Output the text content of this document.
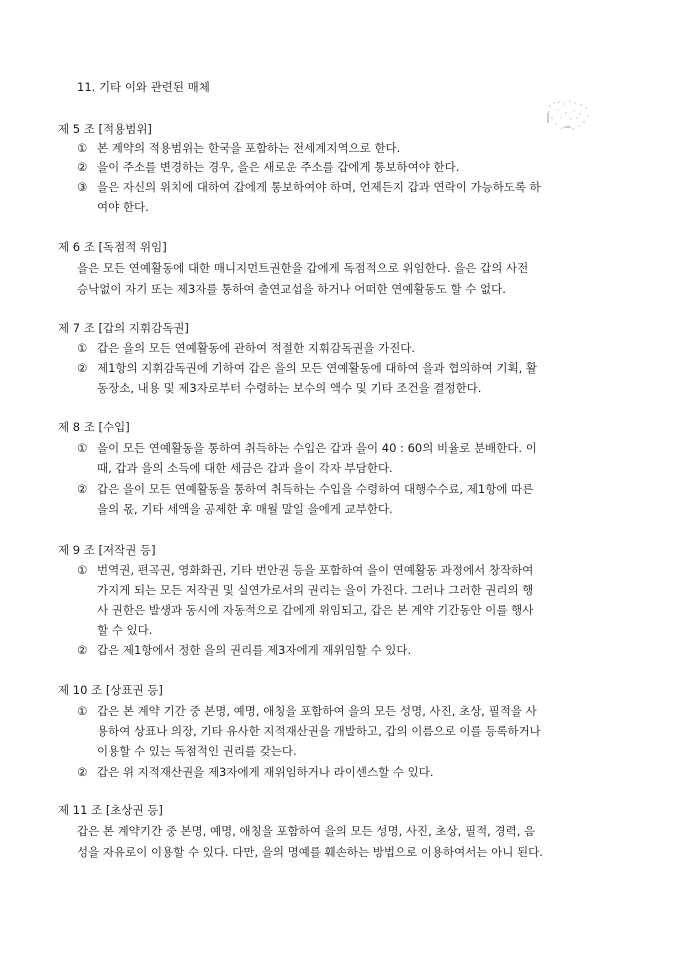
11. 기타 이와 관련된 매체
제 5 조 [적용범위]
① 본 계약의 적용범위는 한국을 포함하는 전세계지역으로 한다.
② 을이 주소를 변경하는 경우, 을은 새로운 주소를 갑에게 통보하여야 한다.
③ 을은 자신의 위치에 대하여 갑에게 통보하여야 하며, 언제든지 갑과 연락이 가능하도록 하
여야 한다.
제 6 조 [독점적 위임]
을은 모든 연예활동에 대한 매니지먼트권한을 갑에게 독점적으로 위임한다. 을은 갑의 사전
승낙없이 자기 또는 제3자를 통하여 출연교섭을 하거나 어떠한 연예활동도 할 수 없다.
제 7 조 [갑의 지휘감독권]
① 갑은 을의 모든 연예활동에 관하여 적절한 지휘감독권을 가진다.
② 제1항의 지휘감독권에 기하여 갑은 을의 모든 연예활동에 대하여 을과 협의하여 기획, 활
동장소, 내용 및 제3자로부터 수령하는 보수의 액수 및 기타 조건을 결정한다.
제 8 조 [수입]
① 을이 모든 연예활동을 통하여 취득하는 수입은 갑과 을이 40 : 60의 비율로 분배한다. 이
때, 갑과 을의 소득에 대한 세금은 갑과 을이 각자 부담한다.
② 갑은 을이 모든 연예활동을 통하여 취득하는 수입을 수령하여 대행수수료, 제1항에 따른
을의 몫, 기타 세액을 공제한 후 매월 말일 을에게 교부한다.
제 9 조 [저작권 등]
① 번역권, 편곡권, 영화화권, 기타 번안권 등을 포함하여 을이 연예활동 과정에서 창작하여
가지게 되는 모든 저작권 및 실연가로서의 권리는 을이 가진다. 그러나 그러한 권리의 행
사 권한은 발생과 동시에 자동적으로 갑에게 위임되고, 갑은 본 계약 기간동안 이를 행사
할 수 있다.
② 갑은 제1항에서 정한 을의 권리를 제3자에게 재위임할 수 있다.
제 10 조 [상표권 등]
① 갑은 본 계약 기간 중 본명, 예명, 애칭을 포함하여 을의 모든 성명, 사진, 초상, 필적을 사
용하여 상표나 의장, 기타 유사한 지적재산권을 개발하고, 갑의 이름으로 이를 등록하거나
이용할 수 있는 독점적인 권리를 갖는다.
② 갑은 위 지적재산권을 제3자에게 재위임하거나 라이센스할 수 있다.
제 11 조 [초상권 등]
갑은 본 계약기간 중 본명, 예명, 애칭을 포함하여 을의 모든 성명, 사진, 초상, 필적, 경력, 음
성을 자유로이 이용할 수 있다. 다만, 을의 명예를 훼손하는 방법으로 이용하여서는 아니 된다.
